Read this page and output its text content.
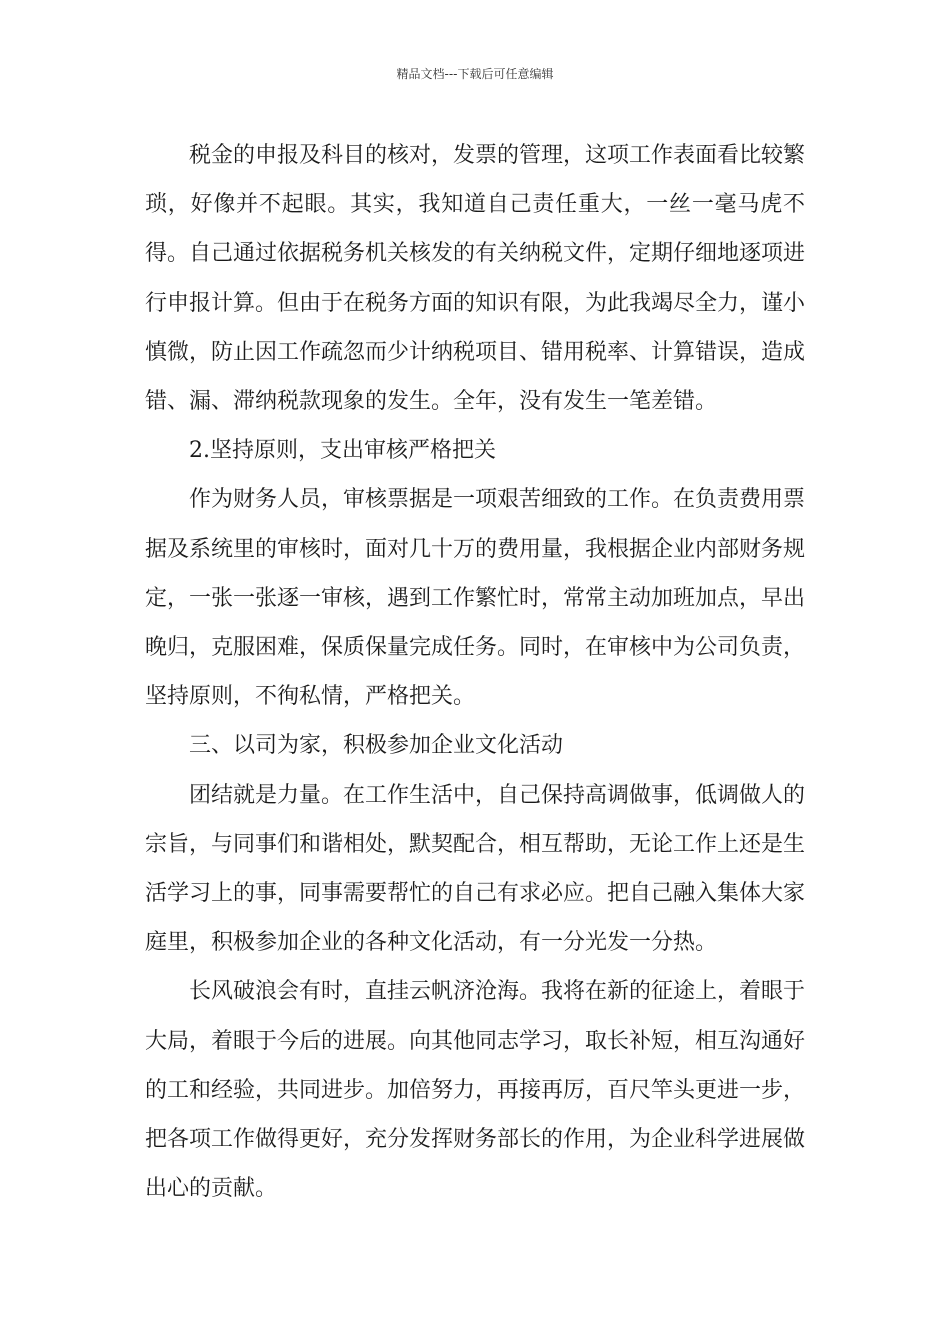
精品文档---下载后可任意编辑

税金的申报及科目的核对，发票的管理，这项工作表面看比较繁琐，好像并不起眼。其实，我知道自己责任重大，一丝一毫马虎不得。自己通过依据税务机关核发的有关纳税文件，定期仔细地逐项进行申报计算。但由于在税务方面的知识有限，为此我竭尽全力，谨小慎微，防止因工作疏忽而少计纳税项目、错用税率、计算错误，造成错、漏、滞纳税款现象的发生。全年，没有发生一笔差错。

2.坚持原则，支出审核严格把关

作为财务人员，审核票据是一项艰苦细致的工作。在负责费用票据及系统里的审核时，面对几十万的费用量，我根据企业内部财务规定，一张一张逐一审核，遇到工作繁忙时，常常主动加班加点，早出晚归，克服困难，保质保量完成任务。同时，在审核中为公司负责，坚持原则，不徇私情，严格把关。

三、以司为家，积极参加企业文化活动

团结就是力量。在工作生活中，自己保持高调做事，低调做人的宗旨，与同事们和谐相处，默契配合，相互帮助，无论工作上还是生活学习上的事，同事需要帮忙的自己有求必应。把自己融入集体大家庭里，积极参加企业的各种文化活动，有一分光发一分热。

长风破浪会有时，直挂云帆济沧海。我将在新的征途上，着眼于大局，着眼于今后的进展。向其他同志学习，取长补短，相互沟通好的工和经验，共同进步。加倍努力，再接再厉，百尺竿头更进一步，把各项工作做得更好，充分发挥财务部长的作用，为企业科学进展做出心的贡献。
